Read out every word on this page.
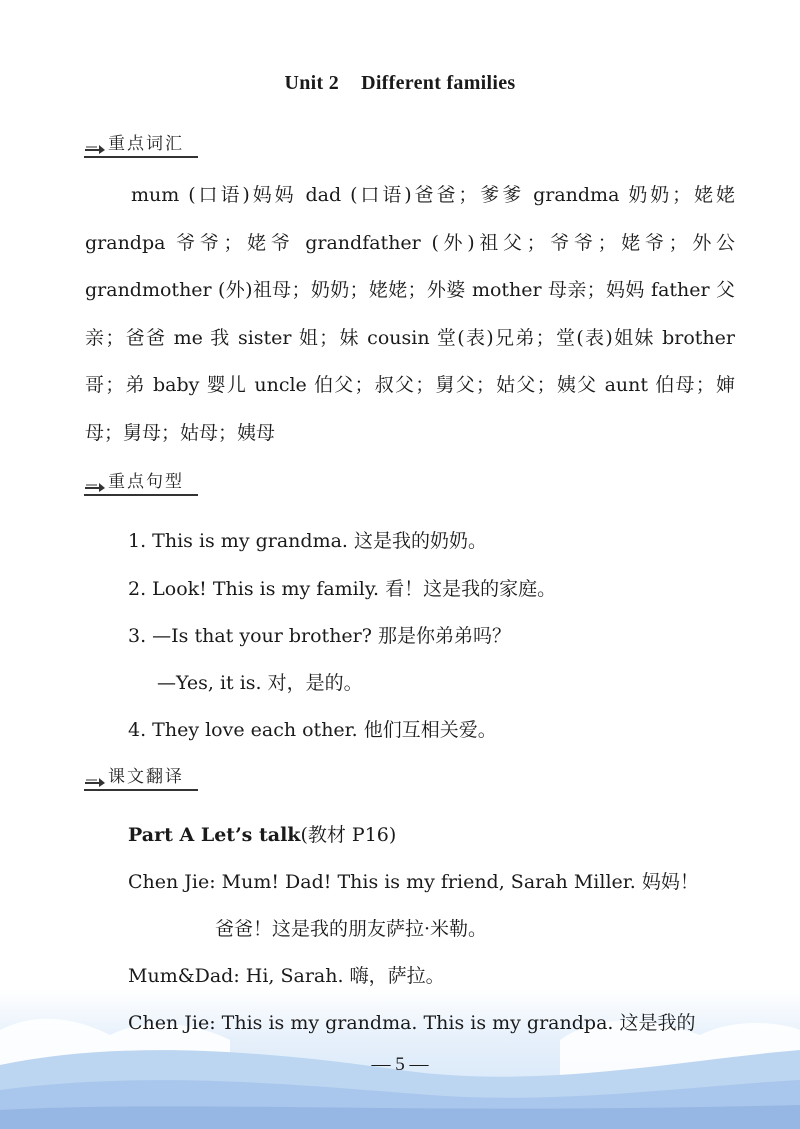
Unit 2 Different families
重点词汇
mum (口语)妈妈 dad (口语)爸爸；爹爹 grandma 奶奶；姥姥 grandpa 爷爷；姥爷 grandfather (外)祖父；爷爷；姥爷；外公 grandmother (外)祖母；奶奶；姥姥；外婆 mother 母亲；妈妈 father 父亲；爸爸 me 我 sister 姐；妹 cousin 堂(表)兄弟；堂(表)姐妹 brother 哥；弟 baby 婴儿 uncle 伯父；叔父；舅父；姑父；姨父 aunt 伯母；婶母；舅母；姑母；姨母
重点句型
1. This is my grandma. 这是我的奶奶。
2. Look! This is my family. 看！这是我的家庭。
3. —Is that your brother? 那是你弟弟吗？
—Yes, it is. 对，是的。
4. They love each other. 他们互相关爱。
课文翻译
Part A Let’s talk(教材 P16)
Chen Jie: Mum! Dad! This is my friend, Sarah Miller. 妈妈！
爸爸！这是我的朋友萨拉·米勒。
Mum&Dad: Hi, Sarah. 嗨，萨拉。
Chen Jie: This is my grandma. This is my grandpa. 这是我的
— 5 —
